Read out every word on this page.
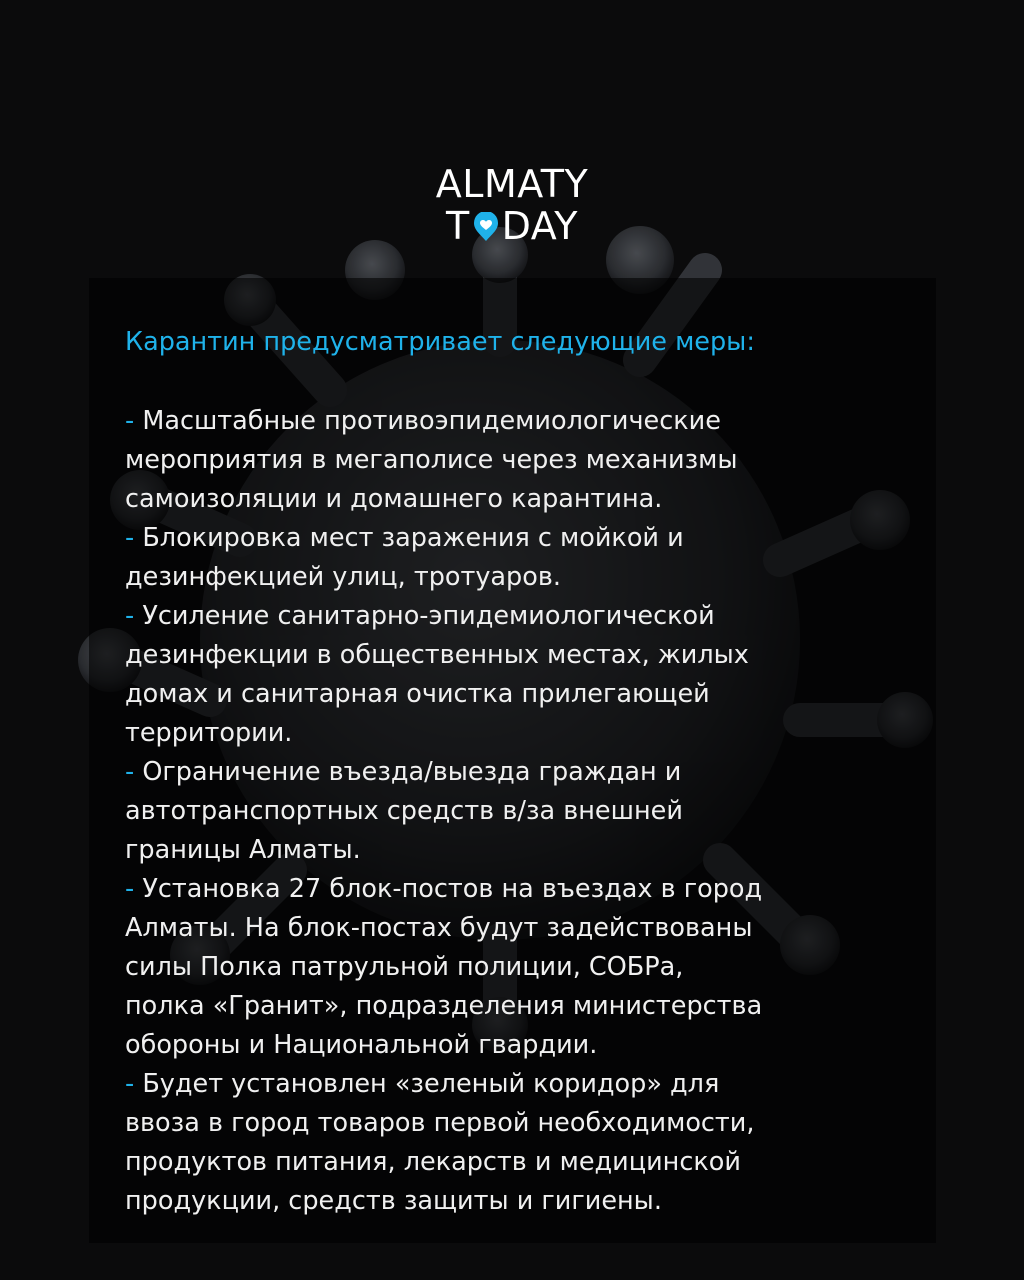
ALMATY
T DAY
Карантин предусматривает следующие меры:
- Масштабные противоэпидемиологические
мероприятия в мегаполисе через механизмы
самоизоляции и домашнего карантина.
- Блокировка мест заражения с мойкой и
дезинфекцией улиц, тротуаров.
- Усиление санитарно-эпидемиологической
дезинфекции в общественных местах, жилых
домах и санитарная очистка прилегающей
территории.
- Ограничение въезда/выезда граждан и
автотранспортных средств в/за внешней
границы Алматы.
- Установка 27 блок-постов на въездах в город
Алматы. На блок-постах будут задействованы
силы Полка патрульной полиции, СОБРа,
полка «Гранит», подразделения министерства
обороны и Национальной гвардии.
- Будет установлен «зеленый коридор» для
ввоза в город товаров первой необходимости,
продуктов питания, лекарств и медицинской
продукции, средств защиты и гигиены.
